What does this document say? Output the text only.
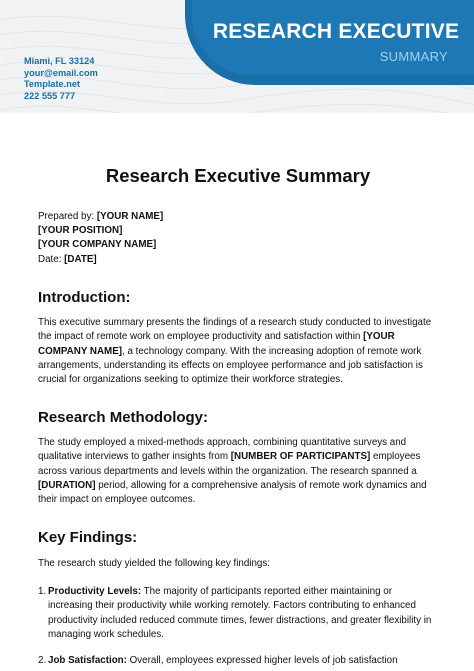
RESEARCH EXECUTIVE
SUMMARY
Miami, FL 33124
your@email.com
Template.net
222 555 777
Research Executive Summary
Prepared by: [YOUR NAME]
[YOUR POSITION]
[YOUR COMPANY NAME]
Date: [DATE]
Introduction:

This executive summary presents the findings of a research study conducted to investigate the impact of remote work on employee productivity and satisfaction within [YOUR COMPANY NAME], a technology company. With the increasing adoption of remote work arrangements, understanding its effects on employee performance and job satisfaction is crucial for organizations seeking to optimize their workforce strategies.

Research Methodology:

The study employed a mixed-methods approach, combining quantitative surveys and qualitative interviews to gather insights from [NUMBER OF PARTICIPANTS] employees across various departments and levels within the organization. The research spanned a [DURATION] period, allowing for a comprehensive analysis of remote work dynamics and their impact on employee outcomes.

Key Findings:

The research study yielded the following key findings:

1. Productivity Levels: The majority of participants reported either maintaining or increasing their productivity while working remotely. Factors contributing to enhanced productivity included reduced commute times, fewer distractions, and greater flexibility in managing work schedules.
2. Job Satisfaction: Overall, employees expressed higher levels of job satisfaction
